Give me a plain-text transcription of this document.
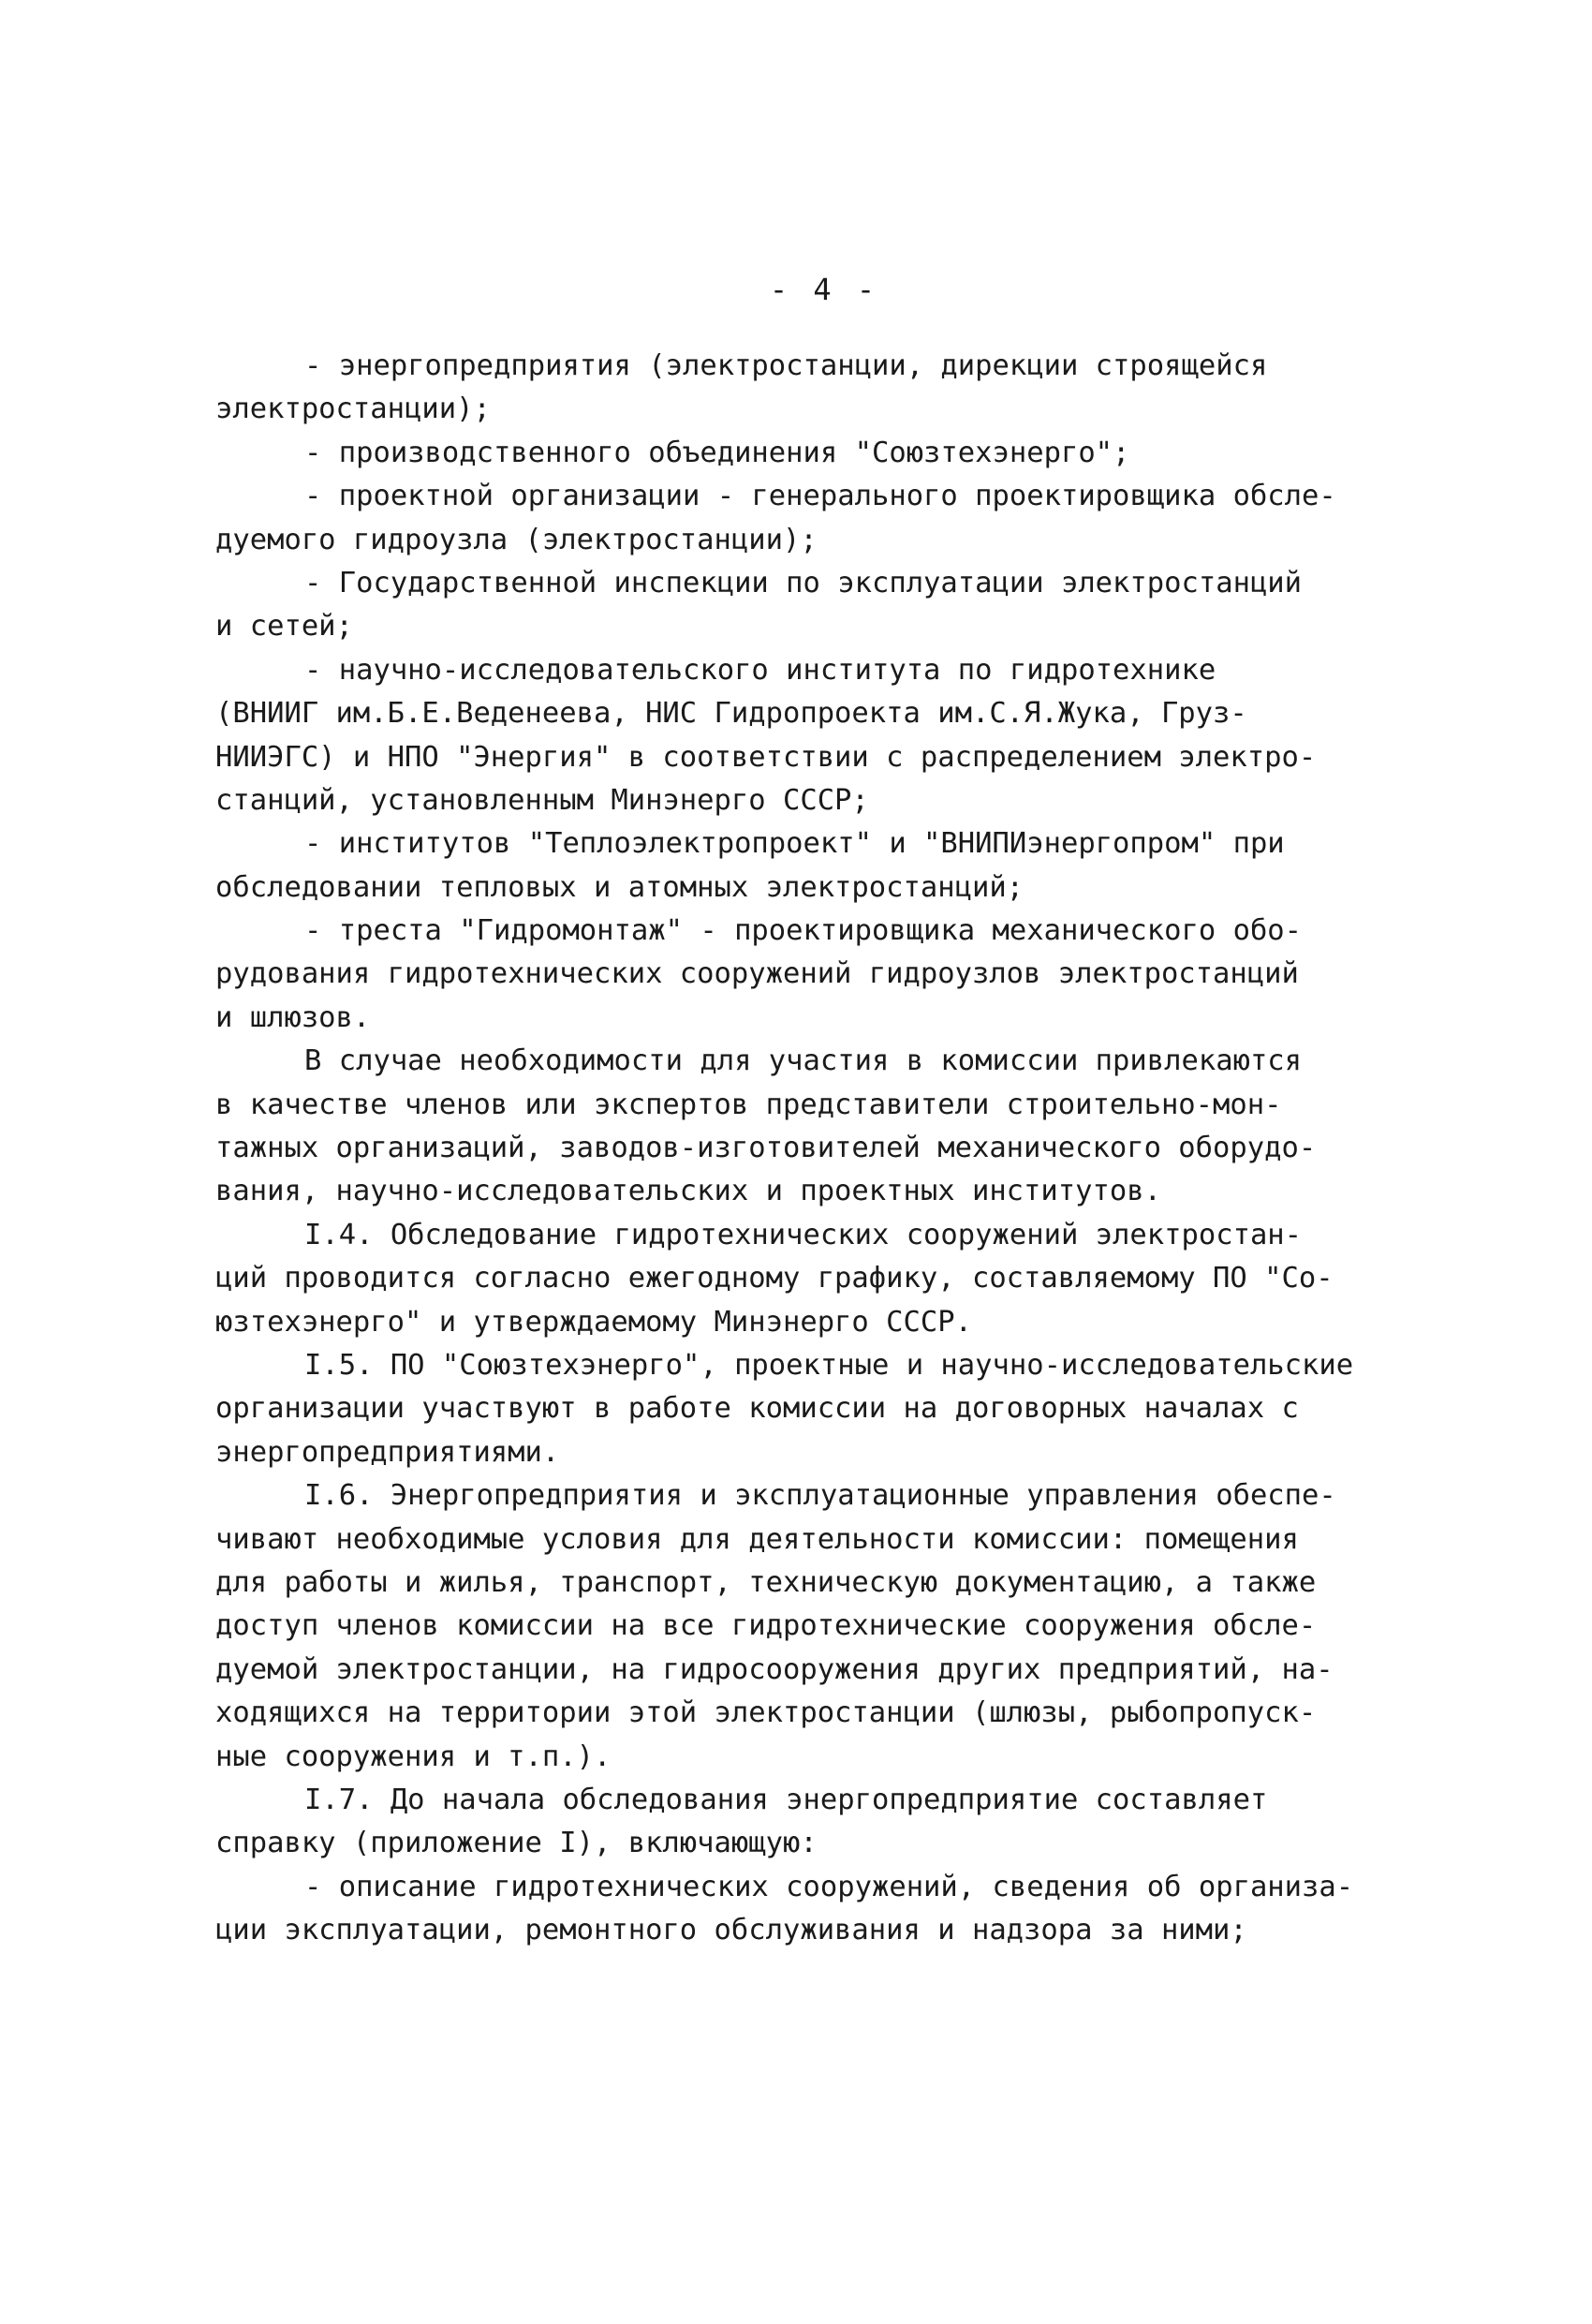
- 4 -
- энергопредприятия (электростанции, дирекции строящейся
электростанции);
- производственного объединения "Союзтехэнерго";
- проектной организации - генерального проектировщика обсле-
дуемого гидроузла (электростанции);
- Государственной инспекции по эксплуатации электростанций
и сетей;
- научно-исследовательского института по гидротехнике
(ВНИИГ им.Б.Е.Веденеева, НИС Гидропроекта им.С.Я.Жука, Груз-
НИИЭГС) и НПО "Энергия" в соответствии с распределением электро-
станций, установленным Минэнерго СССР;
- институтов "Теплоэлектропроект" и "ВНИПИэнергопром" при
обследовании тепловых и атомных электростанций;
- треста "Гидромонтаж" - проектировщика механического обо-
рудования гидротехнических сооружений гидроузлов электростанций
и шлюзов.
В случае необходимости для участия в комиссии привлекаются
в качестве членов или экспертов представители строительно-мон-
тажных организаций, заводов-изготовителей механического оборудо-
вания, научно-исследовательских и проектных институтов.
I.4. Обследование гидротехнических сооружений электростан-
ций проводится согласно ежегодному графику, составляемому ПО "Со-
юзтехэнерго" и утверждаемому Минэнерго СССР.
I.5. ПО "Союзтехэнерго", проектные и научно-исследовательские
организации участвуют в работе комиссии на договорных началах с
энергопредприятиями.
I.6. Энергопредприятия и эксплуатационные управления обеспе-
чивают необходимые условия для деятельности комиссии: помещения
для работы и жилья, транспорт, техническую документацию, а также
доступ членов комиссии на все гидротехнические сооружения обсле-
дуемой электростанции, на гидросооружения других предприятий, на-
ходящихся на территории этой электростанции (шлюзы, рыбопропуск-
ные сооружения и т.п.).
I.7. До начала обследования энергопредприятие составляет
справку (приложение I), включающую:
- описание гидротехнических сооружений, сведения об организа-
ции эксплуатации, ремонтного обслуживания и надзора за ними;
